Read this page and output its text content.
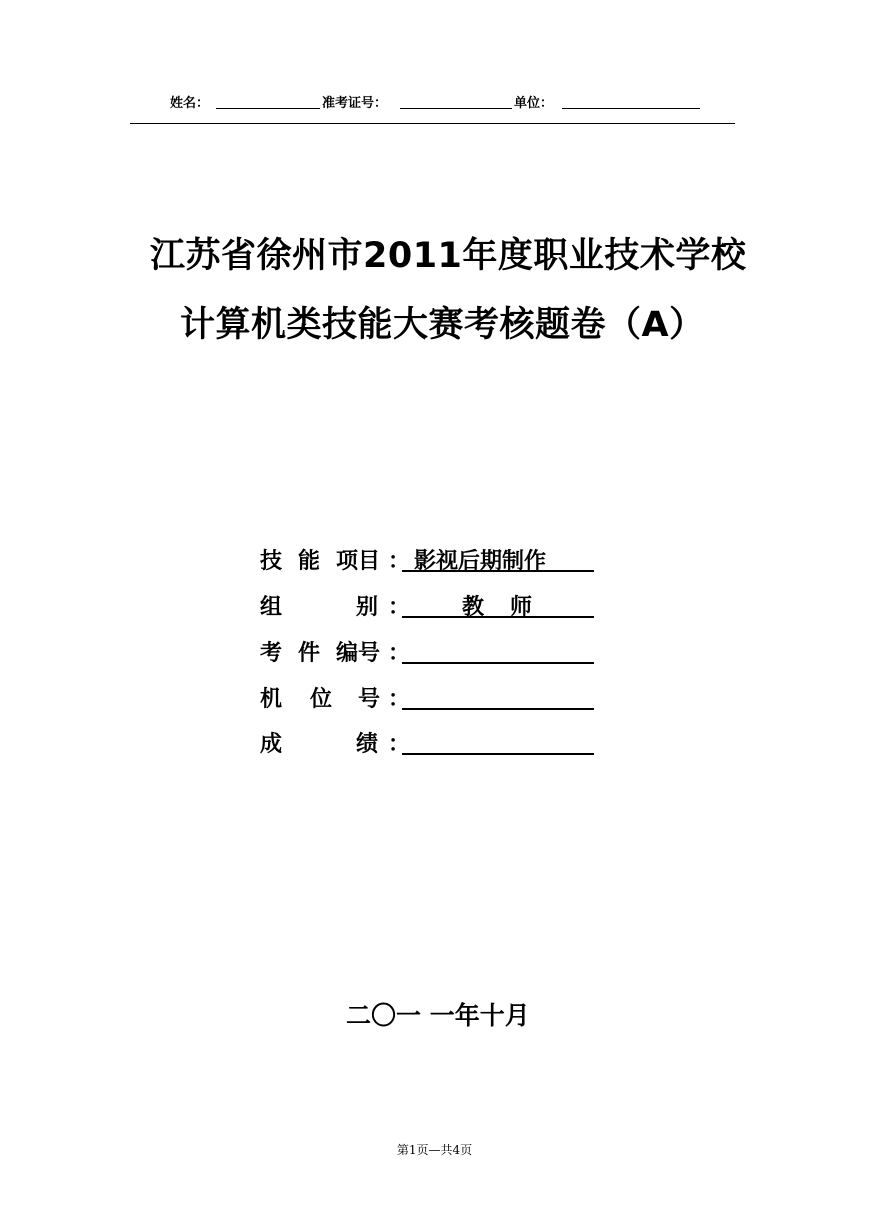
姓名：	准考证号：	单位：
江苏省徐州市2011年度职业技术学校
计算机类技能大赛考核题卷（A）
技 能 项目 ： 影视后期制作
组	别 ： 教 师
考 件 编号 ：
机 位 号 ：
成	绩 ：
二〇一 一年十月
第1页—共4页
